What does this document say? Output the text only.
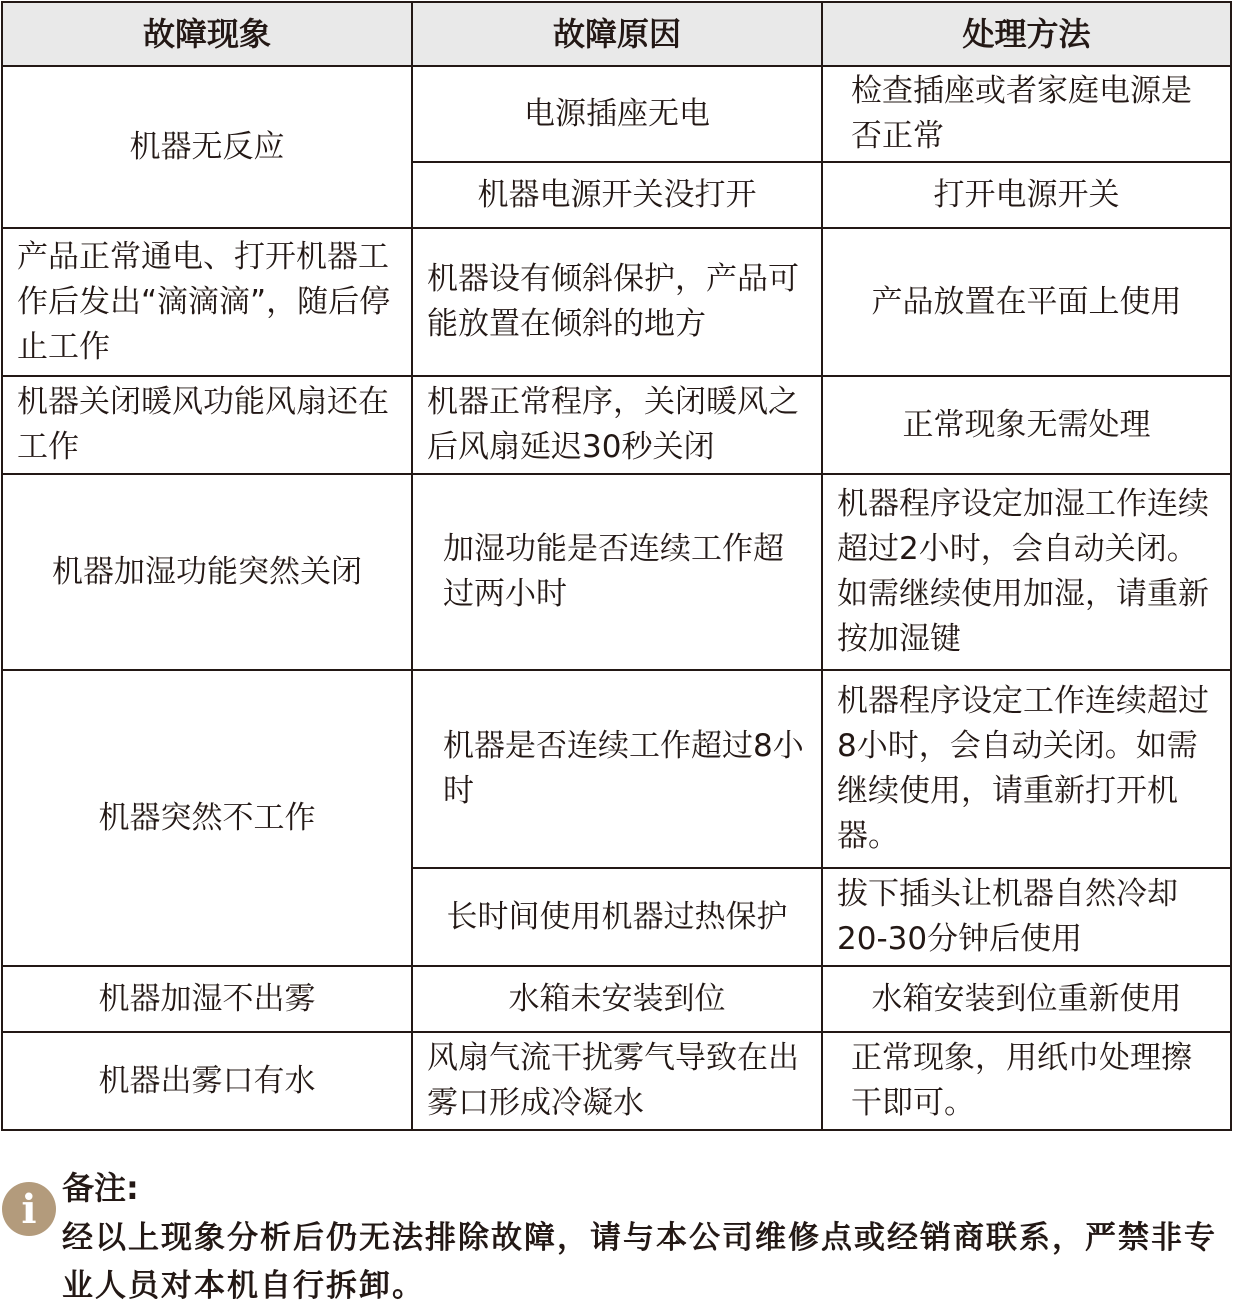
故障现象	故障原因	处理方法
机器无反应	电源插座无电	检查插座或者家庭电源是否正常
	机器电源开关没打开	打开电源开关
产品正常通电、打开机器工作后发出“滴滴滴”，随后停止工作	机器设有倾斜保护，产品可能放置在倾斜的地方	产品放置在平面上使用
机器关闭暖风功能风扇还在工作	机器正常程序，关闭暖风之后风扇延迟30秒关闭	正常现象无需处理
机器加湿功能突然关闭	加湿功能是否连续工作超过两小时	机器程序设定加湿工作连续超过2小时，会自动关闭。如需继续使用加湿，请重新按加湿键
机器突然不工作	机器是否连续工作超过8小时	机器程序设定工作连续超过8小时，会自动关闭。如需继续使用，请重新打开机器。
	长时间使用机器过热保护	拔下插头让机器自然冷却20-30分钟后使用
机器加湿不出雾	水箱未安装到位	水箱安装到位重新使用
机器出雾口有水	风扇气流干扰雾气导致在出雾口形成冷凝水	正常现象，用纸巾处理擦干即可。
i 备注:
经以上现象分析后仍无法排除故障，请与本公司维修点或经销商联系，严禁非专业人员对本机自行拆卸。
